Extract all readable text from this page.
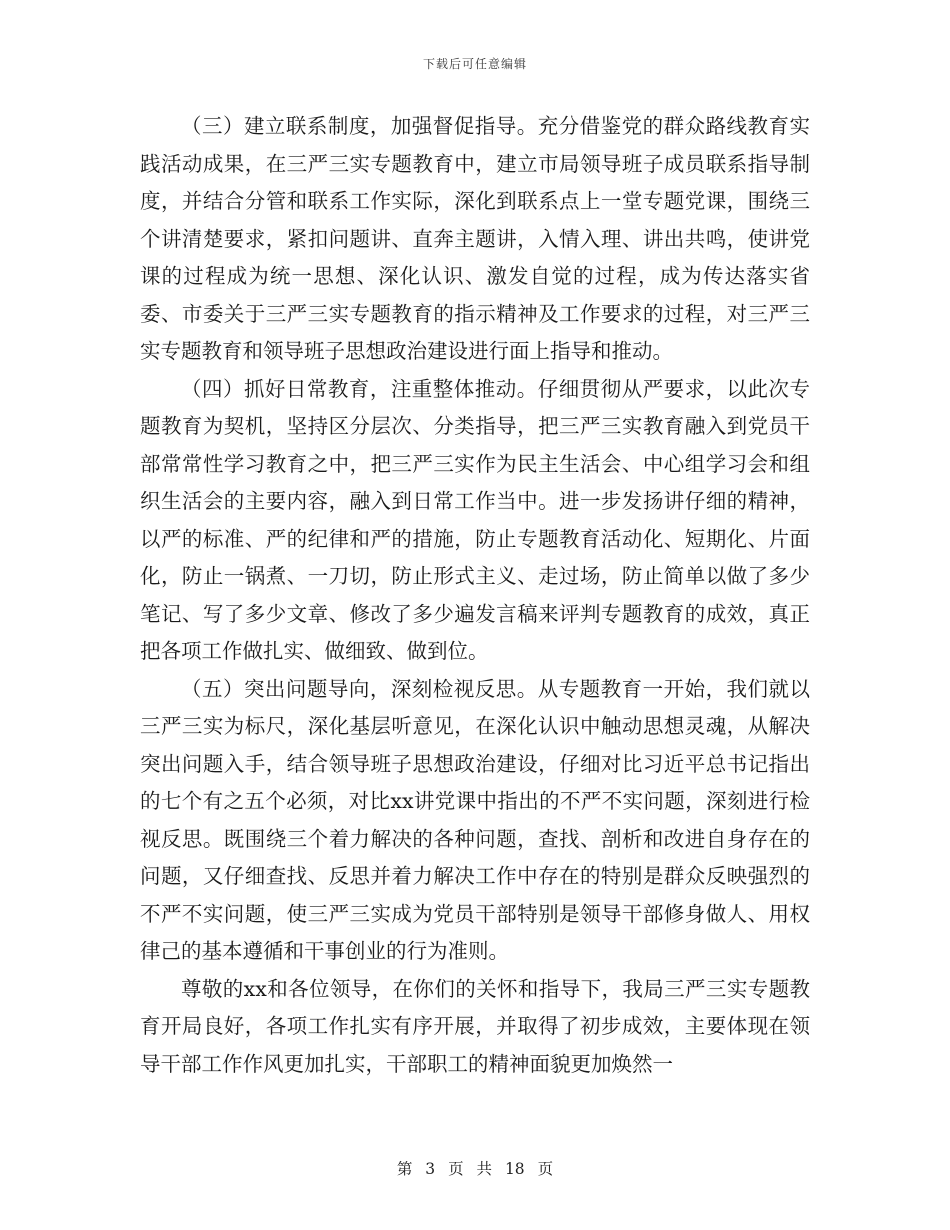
下载后可任意编辑

（三）建立联系制度，加强督促指导。充分借鉴党的群众路线教育实践活动成果，在三严三实专题教育中，建立市局领导班子成员联系指导制度，并结合分管和联系工作实际，深化到联系点上一堂专题党课，围绕三个讲清楚要求，紧扣问题讲、直奔主题讲，入情入理、讲出共鸣，使讲党课的过程成为统一思想、深化认识、激发自觉的过程，成为传达落实省委、市委关于三严三实专题教育的指示精神及工作要求的过程，对三严三实专题教育和领导班子思想政治建设进行面上指导和推动。

（四）抓好日常教育，注重整体推动。仔细贯彻从严要求，以此次专题教育为契机，坚持区分层次、分类指导，把三严三实教育融入到党员干部常常性学习教育之中，把三严三实作为民主生活会、中心组学习会和组织生活会的主要内容，融入到日常工作当中。进一步发扬讲仔细的精神，以严的标准、严的纪律和严的措施，防止专题教育活动化、短期化、片面化，防止一锅煮、一刀切，防止形式主义、走过场，防止简单以做了多少笔记、写了多少文章、修改了多少遍发言稿来评判专题教育的成效，真正把各项工作做扎实、做细致、做到位。

（五）突出问题导向，深刻检视反思。从专题教育一开始，我们就以三严三实为标尺，深化基层听意见，在深化认识中触动思想灵魂，从解决突出问题入手，结合领导班子思想政治建设，仔细对比习近平总书记指出的七个有之五个必须，对比xx讲党课中指出的不严不实问题，深刻进行检视反思。既围绕三个着力解决的各种问题，查找、剖析和改进自身存在的问题，又仔细查找、反思并着力解决工作中存在的特别是群众反映强烈的不严不实问题，使三严三实成为党员干部特别是领导干部修身做人、用权律己的基本遵循和干事创业的行为准则。

尊敬的xx和各位领导，在你们的关怀和指导下，我局三严三实专题教育开局良好，各项工作扎实有序开展，并取得了初步成效，主要体现在领导干部工作作风更加扎实，干部职工的精神面貌更加焕然一

第 3 页 共 18 页
